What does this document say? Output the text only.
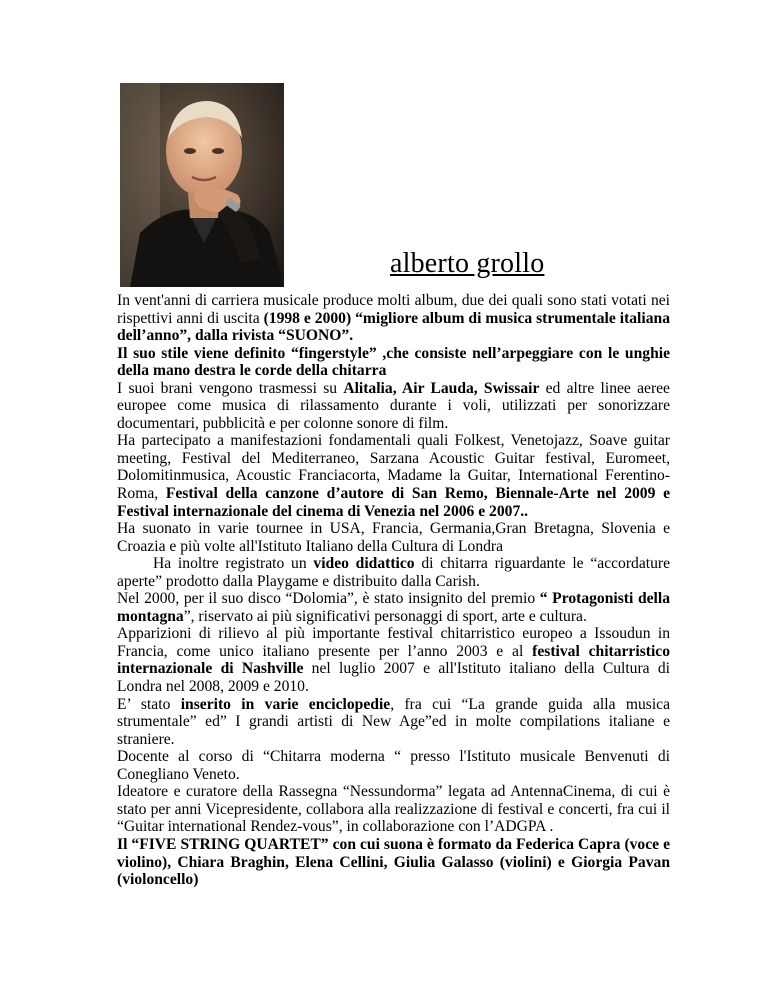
alberto grollo

In vent'anni di carriera musicale produce molti album, due dei quali sono stati votati nei rispettivi anni di uscita (1998 e 2000) “migliore album di musica strumentale italiana dell’anno”, dalla rivista “SUONO”.

Il suo stile viene definito “fingerstyle” ,che consiste nell’arpeggiare con le unghie della mano destra le corde della chitarra

I suoi brani vengono trasmessi su Alitalia, Air Lauda, Swissair ed altre linee aeree europee come musica di rilassamento durante i voli, utilizzati per sonorizzare documentari, pubblicità e per colonne sonore di film.

Ha partecipato a manifestazioni fondamentali quali Folkest, Venetojazz, Soave guitar meeting, Festival del Mediterraneo, Sarzana Acoustic Guitar festival, Euromeet, Dolomitinmusica, Acoustic Franciacorta, Madame la Guitar, International Ferentino-Roma, Festival della canzone d’autore di San Remo, Biennale-Arte nel 2009 e Festival internazionale del cinema di Venezia nel 2006 e 2007..

Ha suonato in varie tournee in USA, Francia, Germania,Gran Bretagna, Slovenia e Croazia e più volte all'Istituto Italiano della Cultura di Londra

Ha inoltre registrato un video didattico di chitarra riguardante le “accordature aperte” prodotto dalla Playgame e distribuito dalla Carish.

Nel 2000, per il suo disco “Dolomia”, è stato insignito del premio “ Protagonisti della montagna”, riservato ai più significativi personaggi di sport, arte e cultura.

Apparizioni di rilievo al più importante festival chitarristico europeo a Issoudun in Francia, come unico italiano presente per l’anno 2003 e al festival chitarristico internazionale di Nashville nel luglio 2007 e all'Istituto italiano della Cultura di Londra nel 2008, 2009 e 2010.

E’ stato inserito in varie enciclopedie, fra cui “La grande guida alla musica strumentale” ed” I grandi artisti di New Age”ed in molte compilations italiane e straniere.

Docente al corso di “Chitarra moderna “ presso l'Istituto musicale Benvenuti di Conegliano Veneto.

Ideatore e curatore della Rassegna “Nessundorma” legata ad AntennaCinema, di cui è stato per anni Vicepresidente, collabora alla realizzazione di festival e concerti, fra cui il “Guitar international Rendez-vous”, in collaborazione con l’ADGPA .

Il “FIVE STRING QUARTET” con cui suona è formato da Federica Capra (voce e violino), Chiara Braghin, Elena Cellini, Giulia Galasso (violini) e Giorgia Pavan (violoncello)
